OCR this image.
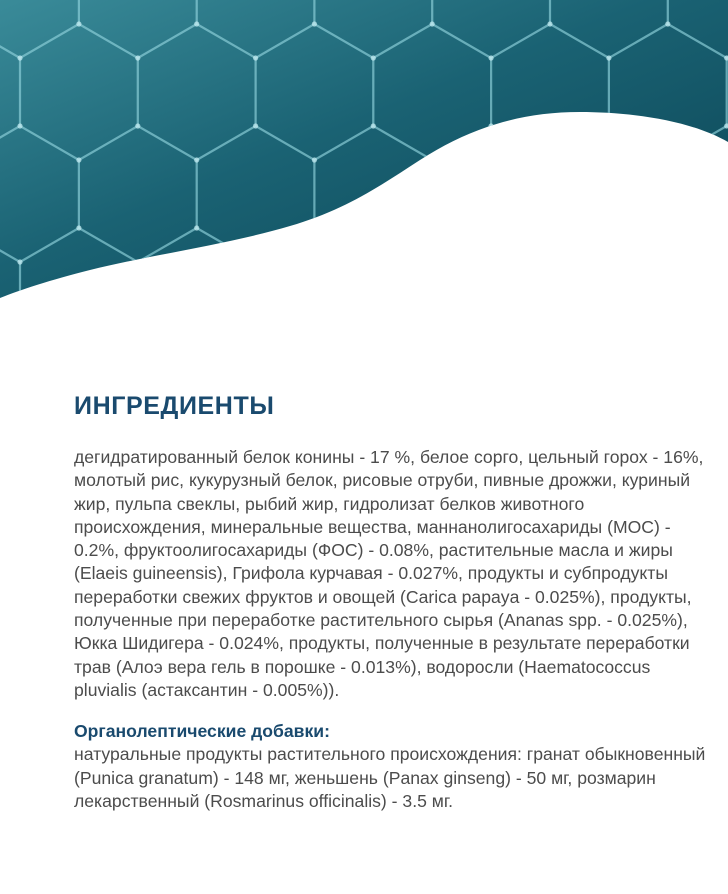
ИНГРЕДИЕНТЫ

дегидратированный белок конины - 17 %, белое сорго, цельный горох - 16%, молотый рис, кукурузный белок, рисовые отруби, пивные дрожжи, куриный жир, пульпа свеклы, рыбий жир, гидролизат белков животного происхождения, минеральные вещества, маннанолигосахариды (МОС) - 0.2%, фруктоолигосахариды (ФОС) - 0.08%, растительные масла и жиры (Elaeis guineensis), Грифола курчавая - 0.027%, продукты и субпродукты переработки свежих фруктов и овощей (Carica papaya - 0.025%), продукты, полученные при переработке растительного сырья (Ananas spp. - 0.025%), Юкка Шидигера - 0.024%, продукты, полученные в результате переработки трав (Алоэ вера гель в порошке - 0.013%), водоросли (Haematococcus pluvialis (астаксантин - 0.005%)).

Органолептические добавки:

натуральные продукты растительного происхождения: гранат обыкновенный (Punica granatum) - 148 мг, женьшень (Panax ginseng) - 50 мг, розмарин лекарственный (Rosmarinus officinalis) - 3.5 мг.
